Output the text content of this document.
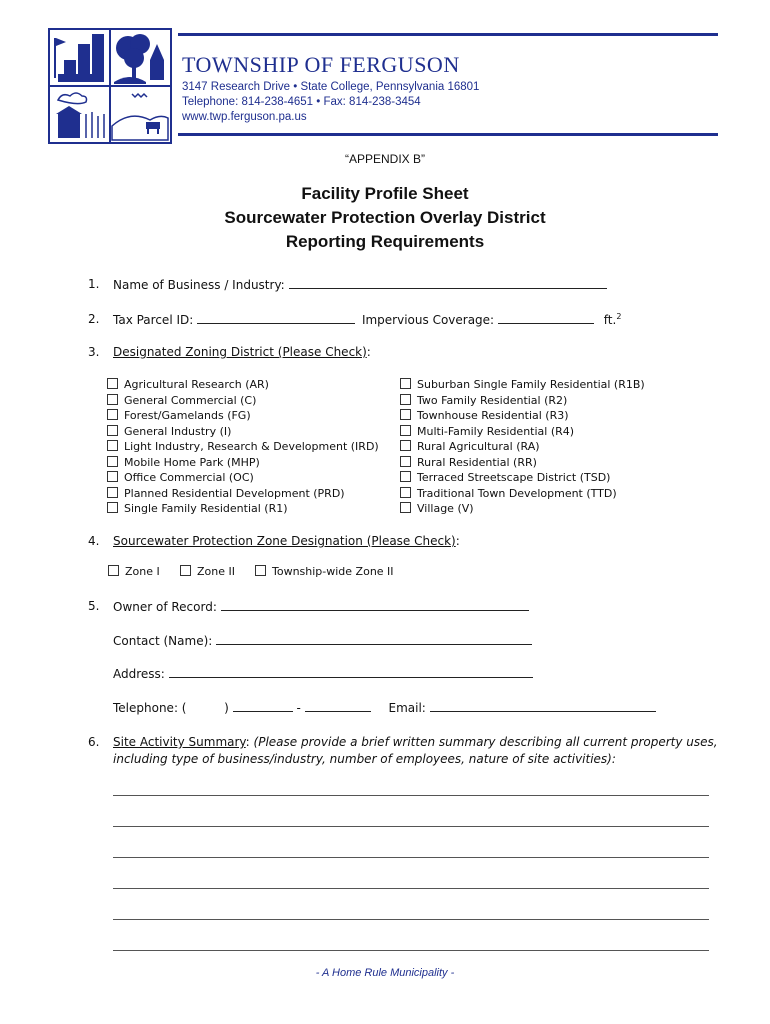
TOWNSHIP OF FERGUSON
3147 Research Drive • State College, Pennsylvania 16801
Telephone: 814-238-4651 • Fax: 814-238-3454
www.twp.ferguson.pa.us
“APPENDIX B”
Facility Profile Sheet
Sourcewater Protection Overlay District
Reporting Requirements
1. Name of Business / Industry:
2. Tax Parcel ID:	Impervious Coverage:	ft.$^2$
3. Designated Zoning District (Please Check):
Agricultural Research (AR)
General Commercial (C)
Forest/Gamelands (FG)
General Industry (I)
Light Industry, Research & Development (IRD)
Mobile Home Park (MHP)
Office Commercial (OC)
Planned Residential Development (PRD)
Single Family Residential (R1)
Suburban Single Family Residential (R1B)
Two Family Residential (R2)
Townhouse Residential (R3)
Multi-Family Residential (R4)
Rural Agricultural (RA)
Rural Residential (RR)
Terraced Streetscape District (TSD)
Traditional Town Development (TTD)
Village (V)
4. Sourcewater Protection Zone Designation (Please Check):
Zone I	Zone II	Township-wide Zone II
5. Owner of Record:
Contact (Name):
Address:
Telephone: (	)	-	Email:
6. Site Activity Summary: (Please provide a brief written summary describing all current property uses,
including type of business/industry, number of employees, nature of site activities):
- A Home Rule Municipality -
